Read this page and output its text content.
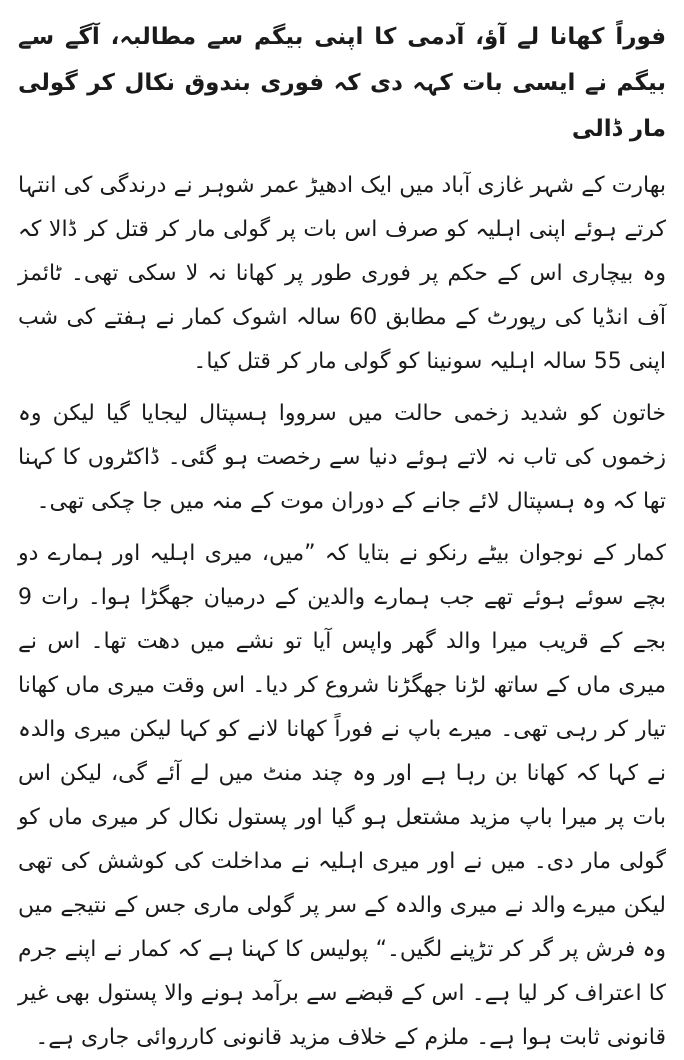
فوراً کھانا لے آؤ، آدمی کا اپنی بیگم سے مطالبہ، آگے سے بیگم نے ایسی بات کہہ دی کہ فوری بندوق نکال کر گولی مار ڈالی

بھارت کے شہر غازی آباد میں ایک ادھیڑ عمر شوہر نے درندگی کی انتہا کرتے ہوئے اپنی اہلیہ کو صرف اس بات پر گولی مار کر قتل کر ڈالا کہ وہ بیچاری اس کے حکم پر فوری طور پر کھانا نہ لا سکی تھی۔ ٹائمز آف انڈیا کی رپورٹ کے مطابق 60 سالہ اشوک کمار نے ہفتے کی شب اپنی 55 سالہ اہلیہ سونینا کو گولی مار کر قتل کیا۔

خاتون کو شدید زخمی حالت میں سرووا ہسپتال لیجایا گیا لیکن وہ زخموں کی تاب نہ لاتے ہوئے دنیا سے رخصت ہو گئی۔ ڈاکٹروں کا کہنا تھا کہ وہ ہسپتال لائے جانے کے دوران موت کے منہ میں جا چکی تھی۔

کمار کے نوجوان بیٹے رنکو نے بتایا کہ ”میں، میری اہلیہ اور ہمارے دو بچے سوئے ہوئے تھے جب ہمارے والدین کے درمیان جھگڑا ہوا۔ رات 9 بجے کے قریب میرا والد گھر واپس آیا تو نشے میں دھت تھا۔ اس نے میری ماں کے ساتھ لڑنا جھگڑنا شروع کر دیا۔ اس وقت میری ماں کھانا تیار کر رہی تھی۔ میرے باپ نے فوراً کھانا لانے کو کہا لیکن میری والدہ نے کہا کہ کھانا بن رہا ہے اور وہ چند منٹ میں لے آئے گی، لیکن اس بات پر میرا باپ مزید مشتعل ہو گیا اور پستول نکال کر میری ماں کو گولی مار دی۔ میں نے اور میری اہلیہ نے مداخلت کی کوشش کی تھی لیکن میرے والد نے میری والدہ کے سر پر گولی ماری جس کے نتیجے میں وہ فرش پر گر کر تڑپنے لگیں۔“ پولیس کا کہنا ہے کہ کمار نے اپنے جرم کا اعتراف کر لیا ہے۔ اس کے قبضے سے برآمد ہونے والا پستول بھی غیر قانونی ثابت ہوا ہے۔ ملزم کے خلاف مزید قانونی کارروائی جاری ہے۔
